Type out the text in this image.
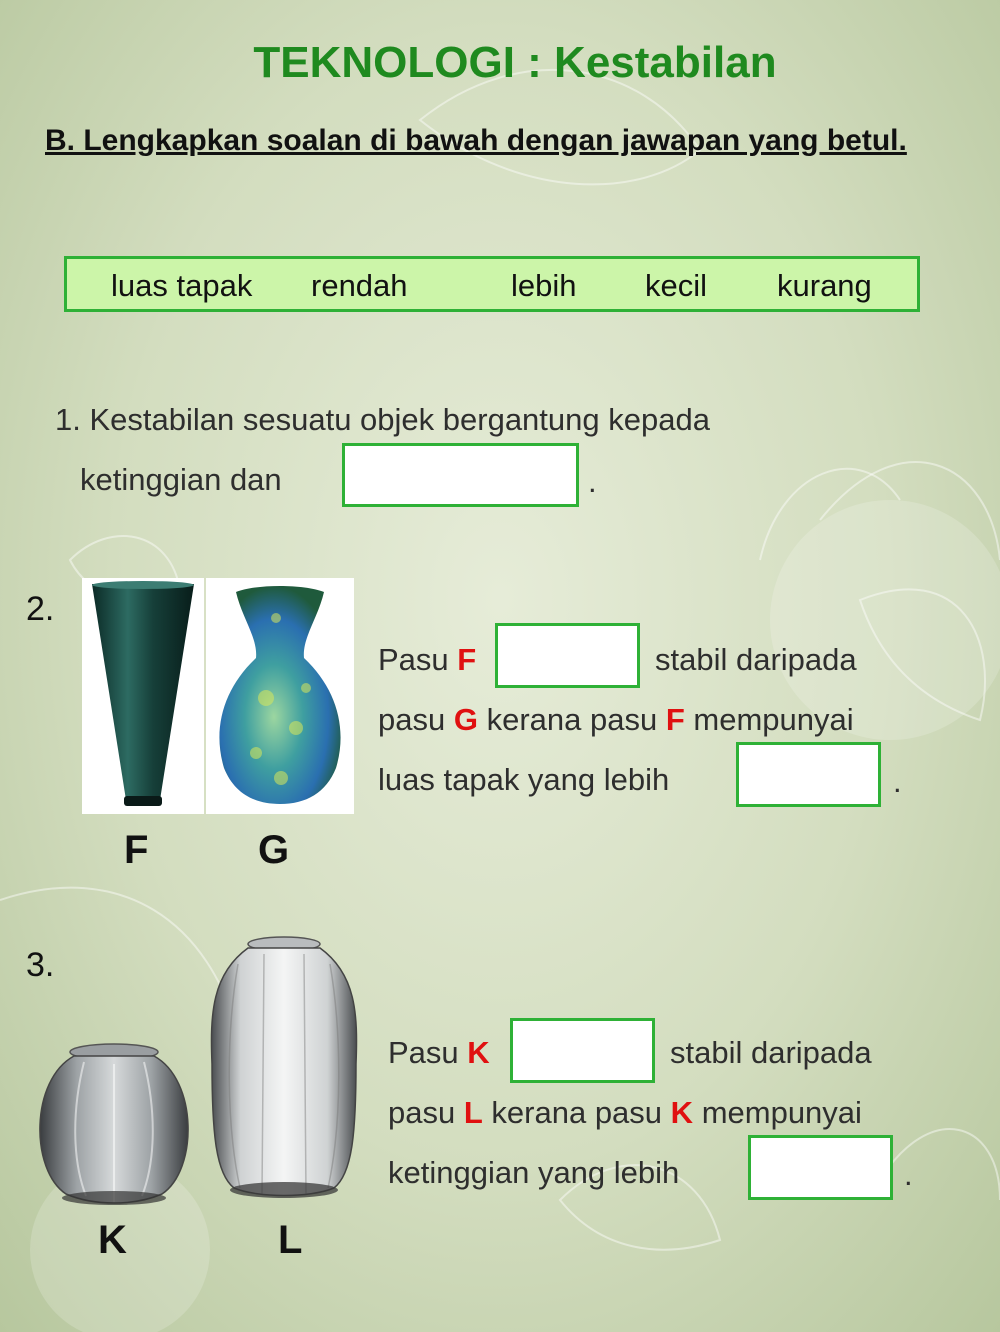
TEKNOLOGI : Kestabilan
B. Lengkapkan soalan di bawah dengan jawapan yang betul.
luas tapak rendah	lebih kecil kurang
1. Kestabilan sesuatu objek bergantung kepada
ketinggian dan	.
2.
F	G
Pasu F	stabil daripada
pasu G kerana pasu F mempunyai
luas tapak yang lebih	.
3.
K	L
Pasu K	stabil daripada
pasu L kerana pasu K mempunyai
ketinggian yang lebih	.
